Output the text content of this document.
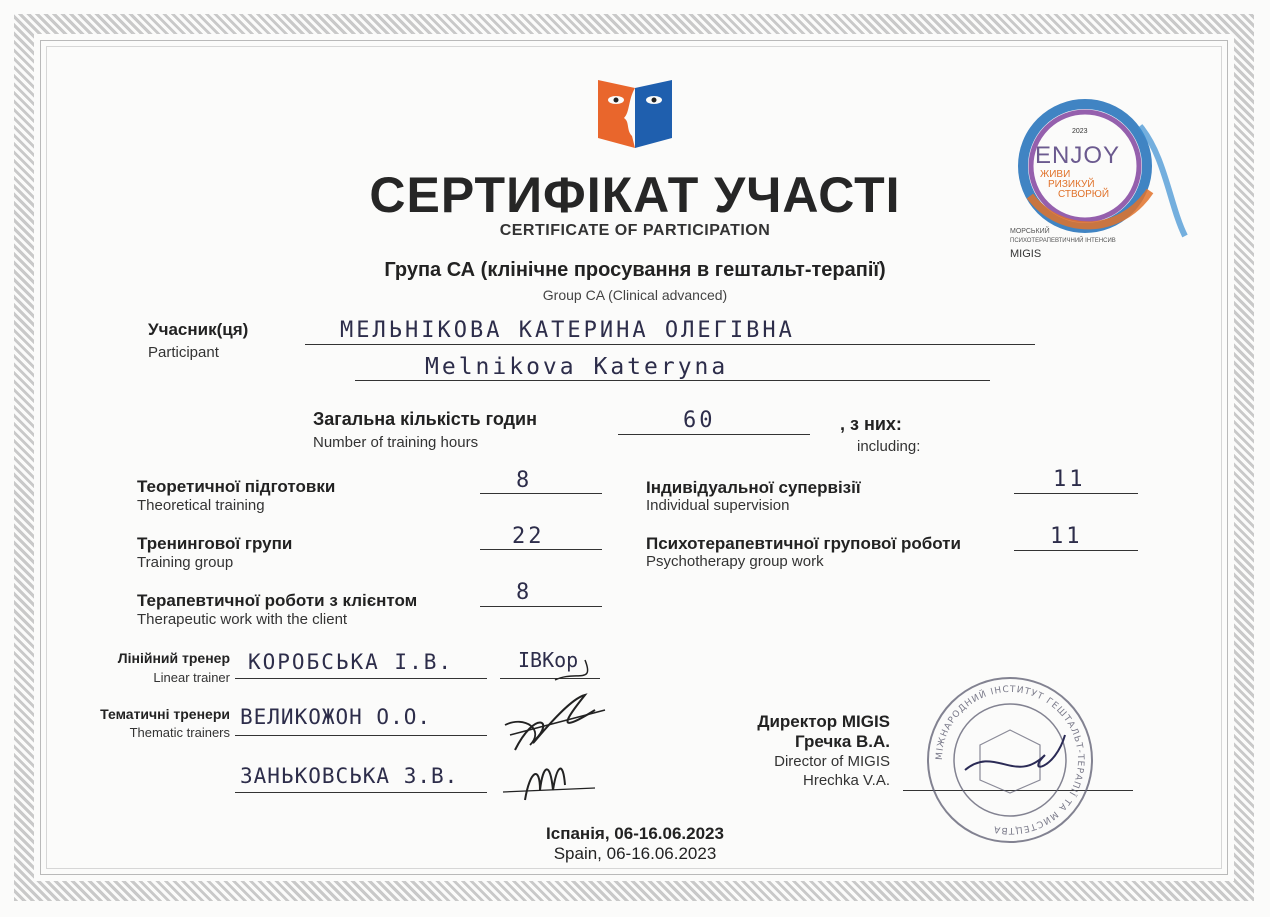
2023
ENJOY
ЖИВИ
РИЗИКУЙ
СТВОРЮЙ
МОРСЬКИЙ
ПСИХОТЕРАПЕВТИЧНИЙ ІНТЕНСИВ
MIGIS
СЕРТИФІКАТ УЧАСТІ
CERTIFICATE OF PARTICIPATION
Група СА (клінічне просування в гештальт-терапії)
Group CA (Clinical advanced)
Учасник(ця)
Participant
МЕЛЬНІКОВА КАТЕРИНА ОЛЕГІВНА
Melnikova Kateryna
Загальна кількість годин
Number of training hours
60	, з них:
including:
Теоретичної підготовки
Theoretical training
8
Тренингової групи
Training group
22
Терапевтичної роботи з клієнтом
Therapeutic work with the client
8
Індивідуальної супервізії
Individual supervision
11
Психотерапевтичної групової роботи
Psychotherapy group work
11
Лінійний тренер
Linear trainer
КОРОБСЬКА І.В.	ІВКор
Тематичні тренери
Thematic trainers
ВЕЛИКОЖОН О.О.
ЗАНЬКОВСЬКА З.В.
Директор MIGIS
Гречка В.А.
Director of MIGIS
Hrechka V.A.
МІЖНАРОДНИЙ ІНСТИТУТ ГЕШТАЛЬТ-ТЕРАПІЇ ТА МИСТЕЦТВА
Іспанія, 06-16.06.2023
Spain, 06-16.06.2023
